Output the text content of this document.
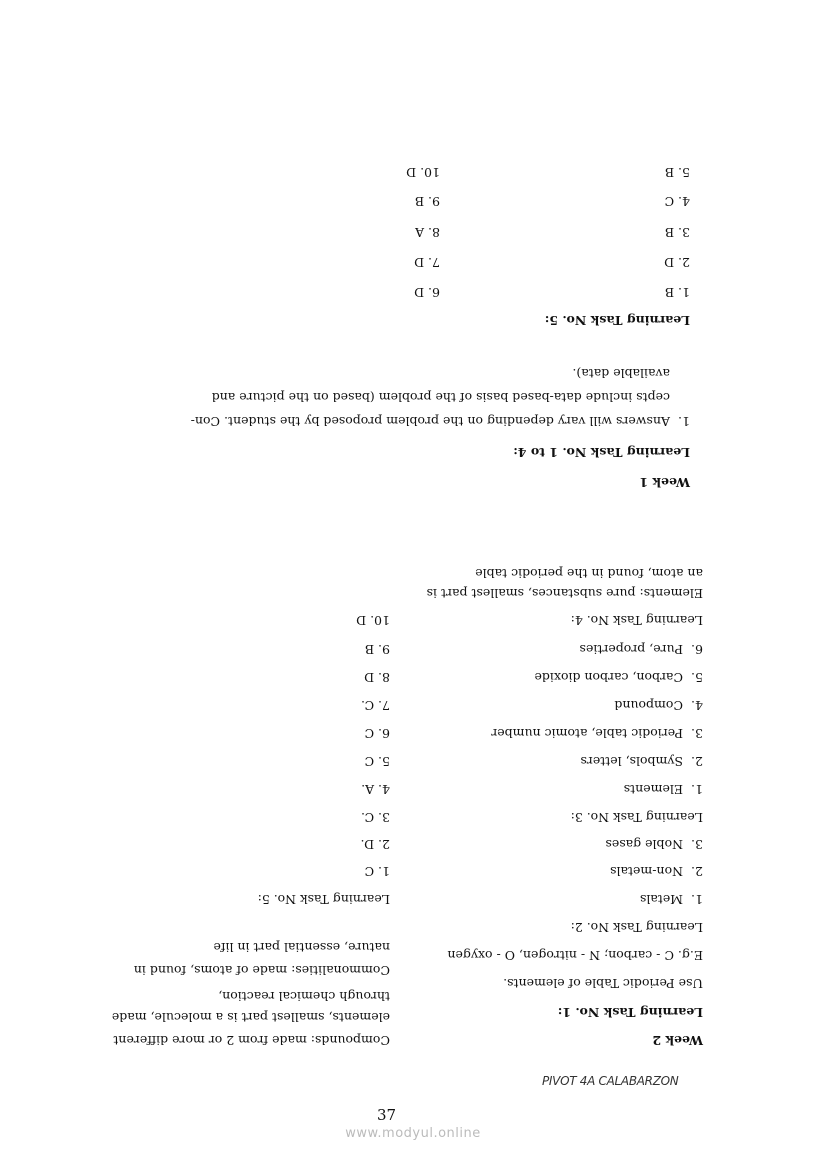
Week 2
Learning Task No. 1:
Use Periodic Table of elements.
E.g. C - carbon; N - nitrogen, O - oxygen
Compounds: made from 2 or more different
elements, smallest part is a molecule, made
through chemical reaction,
Commonalities: made of atoms, found in
nature, essential part in life
Learning Task No. 2:
1.Metals
2.Non-metals
3.Noble gases
Learning Task No. 3:
1.Elements
2.Symbols, letters
3.Periodic table, atomic number
4.Compound
5.Carbon, carbon dioxide
6.Pure, properties
Learning Task No. 4:
Elements: pure substances, smallest part is
an atom, found in the periodic table
Learning Task No. 5:
1. C
2. D.
3. C.
4. A.
5. C
6. C
7. C.
8. D
9. B
10. D
Week 1
Learning Task No. 1 to 4:
1.
Answers will vary depending on the problem proposed by the student. Con-
cepts include data-based basis of the problem (based on the picture and
available data).
Learning Task No. 5:
1. B
2. D
3. B
4. C
5. B
6. D
7. D
8. A
9. B
10. D
PIVOT 4A CALABARZON
37
www.modyul.online
